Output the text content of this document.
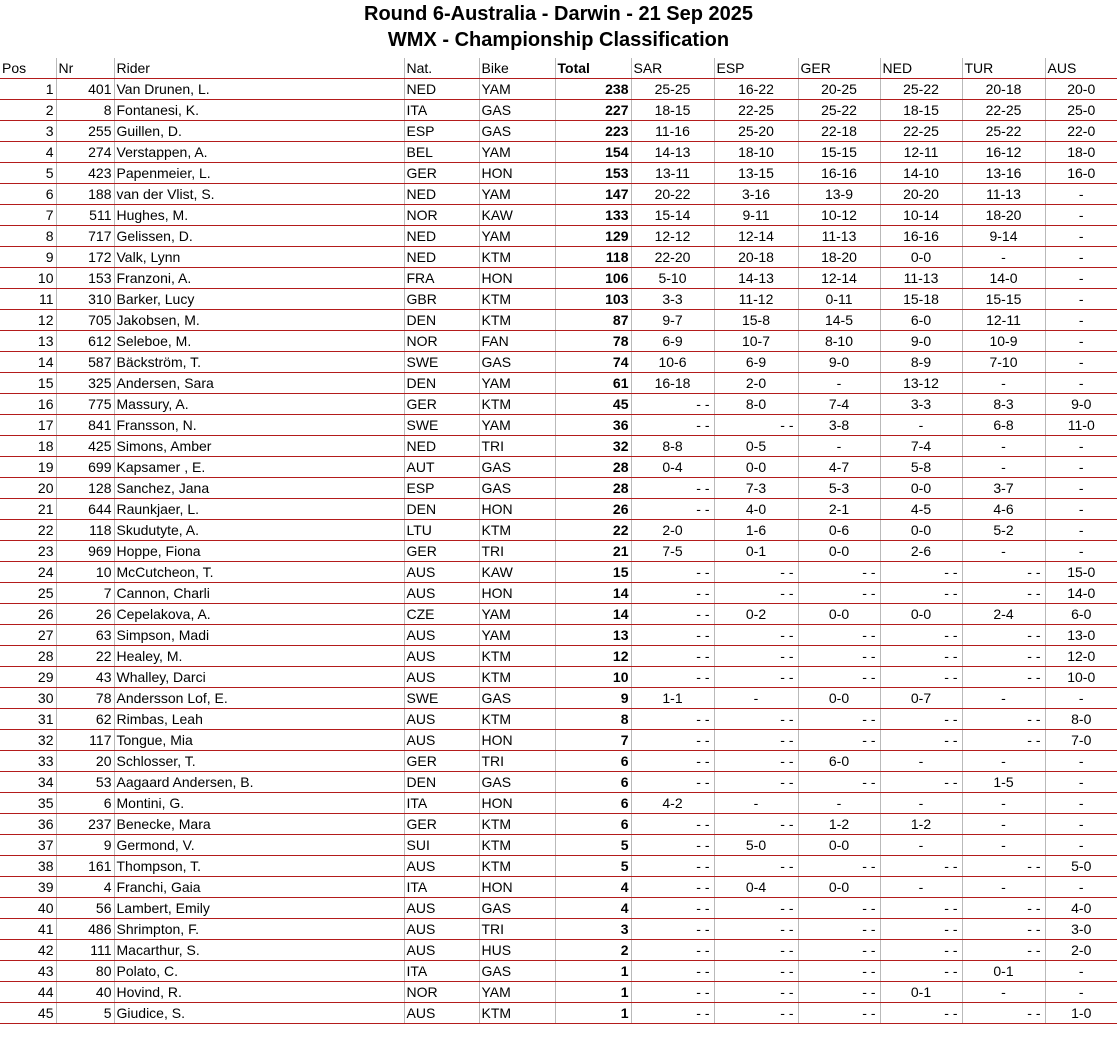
Round 6-Australia - Darwin - 21 Sep 2025
WMX - Championship Classification
Pos	Nr	Rider	Nat.	Bike	Total	SAR	ESP	GER	NED	TUR	AUS
1	401	Van Drunen, L.	NED	YAM	238	25-25	16-22	20-25	25-22	20-18	20-0
2	8	Fontanesi, K.	ITA	GAS	227	18-15	22-25	25-22	18-15	22-25	25-0
3	255	Guillen, D.	ESP	GAS	223	11-16	25-20	22-18	22-25	25-22	22-0
4	274	Verstappen, A.	BEL	YAM	154	14-13	18-10	15-15	12-11	16-12	18-0
5	423	Papenmeier, L.	GER	HON	153	13-11	13-15	16-16	14-10	13-16	16-0
6	188	van der Vlist, S.	NED	YAM	147	20-22	3-16	13-9	20-20	11-13	-
7	511	Hughes, M.	NOR	KAW	133	15-14	9-11	10-12	10-14	18-20	-
8	717	Gelissen, D.	NED	YAM	129	12-12	12-14	11-13	16-16	9-14	-
9	172	Valk, Lynn	NED	KTM	118	22-20	20-18	18-20	0-0	-	-
10	153	Franzoni, A.	FRA	HON	106	5-10	14-13	12-14	11-13	14-0	-
11	310	Barker, Lucy	GBR	KTM	103	3-3	11-12	0-11	15-18	15-15	-
12	705	Jakobsen, M.	DEN	KTM	87	9-7	15-8	14-5	6-0	12-11	-
13	612	Seleboe, M.	NOR	FAN	78	6-9	10-7	8-10	9-0	10-9	-
14	587	Bäckström, T.	SWE	GAS	74	10-6	6-9	9-0	8-9	7-10	-
15	325	Andersen, Sara	DEN	YAM	61	16-18	2-0	-	13-12	-	-
16	775	Massury, A.	GER	KTM	45	- -	8-0	7-4	3-3	8-3	9-0
17	841	Fransson, N.	SWE	YAM	36	- -	- -	3-8	-	6-8	11-0
18	425	Simons, Amber	NED	TRI	32	8-8	0-5	-	7-4	-	-
19	699	Kapsamer , E.	AUT	GAS	28	0-4	0-0	4-7	5-8	-	-
20	128	Sanchez, Jana	ESP	GAS	28	- -	7-3	5-3	0-0	3-7	-
21	644	Raunkjaer, L.	DEN	HON	26	- -	4-0	2-1	4-5	4-6	-
22	118	Skudutyte, A.	LTU	KTM	22	2-0	1-6	0-6	0-0	5-2	-
23	969	Hoppe, Fiona	GER	TRI	21	7-5	0-1	0-0	2-6	-	-
24	10	McCutcheon, T.	AUS	KAW	15	- -	- -	- -	- -	- -	15-0
25	7	Cannon, Charli	AUS	HON	14	- -	- -	- -	- -	- -	14-0
26	26	Cepelakova, A.	CZE	YAM	14	- -	0-2	0-0	0-0	2-4	6-0
27	63	Simpson, Madi	AUS	YAM	13	- -	- -	- -	- -	- -	13-0
28	22	Healey, M.	AUS	KTM	12	- -	- -	- -	- -	- -	12-0
29	43	Whalley, Darci	AUS	KTM	10	- -	- -	- -	- -	- -	10-0
30	78	Andersson Lof, E.	SWE	GAS	9	1-1	-	0-0	0-7	-	-
31	62	Rimbas, Leah	AUS	KTM	8	- -	- -	- -	- -	- -	8-0
32	117	Tongue, Mia	AUS	HON	7	- -	- -	- -	- -	- -	7-0
33	20	Schlosser, T.	GER	TRI	6	- -	- -	6-0	-	-	-
34	53	Aagaard Andersen, B.	DEN	GAS	6	- -	- -	- -	- -	1-5	-
35	6	Montini, G.	ITA	HON	6	4-2	-	-	-	-	-
36	237	Benecke, Mara	GER	KTM	6	- -	- -	1-2	1-2	-	-
37	9	Germond, V.	SUI	KTM	5	- -	5-0	0-0	-	-	-
38	161	Thompson, T.	AUS	KTM	5	- -	- -	- -	- -	- -	5-0
39	4	Franchi, Gaia	ITA	HON	4	- -	0-4	0-0	-	-	-
40	56	Lambert, Emily	AUS	GAS	4	- -	- -	- -	- -	- -	4-0
41	486	Shrimpton, F.	AUS	TRI	3	- -	- -	- -	- -	- -	3-0
42	111	Macarthur, S.	AUS	HUS	2	- -	- -	- -	- -	- -	2-0
43	80	Polato, C.	ITA	GAS	1	- -	- -	- -	- -	0-1	-
44	40	Hovind, R.	NOR	YAM	1	- -	- -	- -	0-1	-	-
45	5	Giudice, S.	AUS	KTM	1	- -	- -	- -	- -	- -	1-0
